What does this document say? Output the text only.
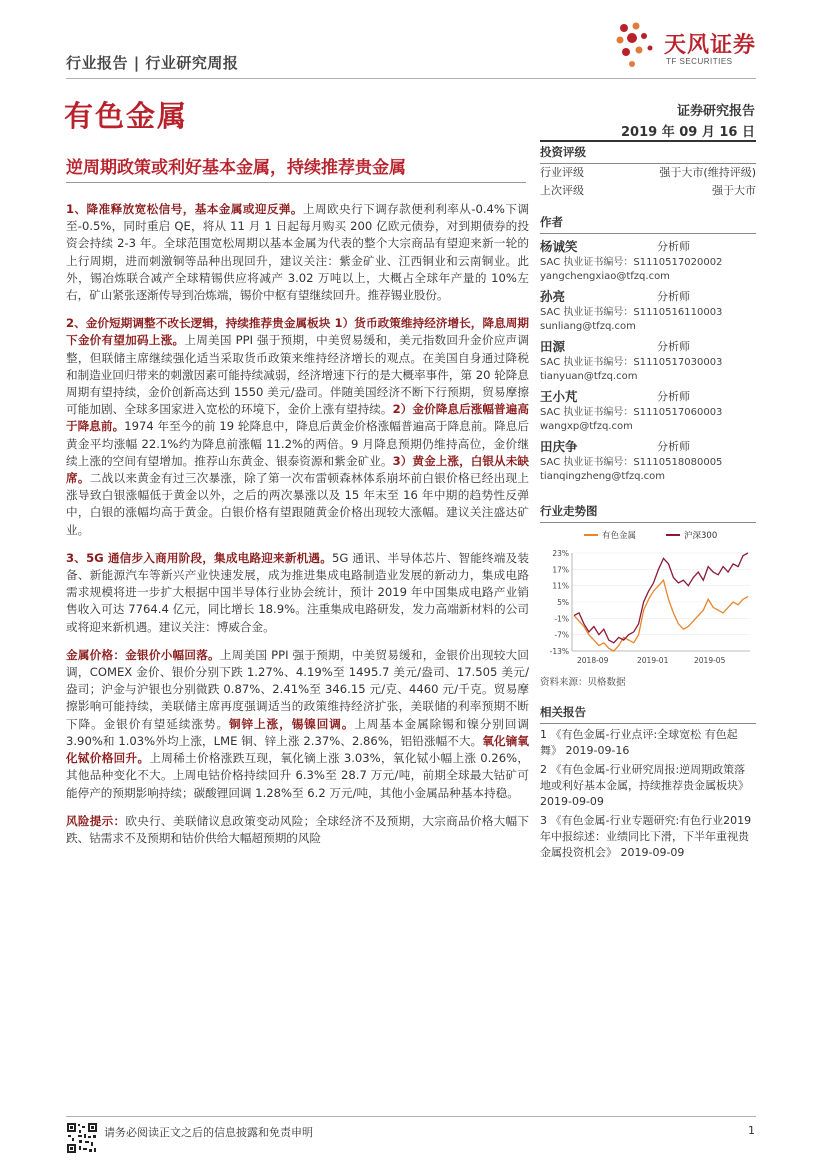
行业报告 | 行业研究周报
天风证券
TF SECURITIES
有色金属	证券研究报告
2019 年 09 月 16 日
逆周期政策或利好基本金属，持续推荐贵金属

1、降准释放宽松信号，基本金属或迎反弹。上周欧央行下调存款便利利率从-0.4%下调至-0.5%，同时重启 QE，将从 11 月 1 日起每月购买 200 亿欧元债券，对到期债券的投资会持续 2-3 年。全球范围宽松周期以基本金属为代表的整个大宗商品有望迎来新一轮的上行周期，进而刺激铜等品种出现回升，建议关注：紫金矿业、江西铜业和云南铜业。此外，锡冶炼联合减产全球精锡供应将减产 3.02 万吨以上，大概占全球年产量的 10%左右，矿山紧张逐渐传导到冶炼端，锡价中枢有望继续回升。推荐锡业股份。

2、金价短期调整不改长逻辑，持续推荐贵金属板块 1）货币政策维持经济增长，降息周期下金价有望加码上涨。上周美国 PPI 强于预期，中美贸易缓和，美元指数回升金价应声调整，但联储主席继续强化适当采取货币政策来维持经济增长的观点。在美国自身通过降税和制造业回归带来的刺激因素可能持续减弱，经济增速下行的是大概率事件，第 20 轮降息周期有望持续，金价创新高达到 1550 美元/盎司。伴随美国经济不断下行预期，贸易摩擦可能加剧、全球多国家进入宽松的环境下，金价上涨有望持续。2）金价降息后涨幅普遍高于降息前。1974 年至今的前 19 轮降息中，降息后黄金价格涨幅普遍高于降息前。降息后黄金平均涨幅 22.1%约为降息前涨幅 11.2%的两倍。9 月降息预期仍维持高位，金价继续上涨的空间有望增加。推荐山东黄金、银泰资源和紫金矿业。3）黄金上涨，白银从未缺席。二战以来黄金有过三次暴涨，除了第一次布雷顿森林体系崩坏前白银价格已经出现上涨导致白银涨幅低于黄金以外，之后的两次暴涨以及 15 年末至 16 年中期的趋势性反弹中，白银的涨幅均高于黄金。白银价格有望跟随黄金价格出现较大涨幅。建议关注盛达矿业。

3、5G 通信步入商用阶段，集成电路迎来新机遇。5G 通讯、半导体芯片、智能终端及装备、新能源汽车等新兴产业快速发展，成为推进集成电路制造业发展的新动力，集成电路需求规模将进一步扩大根据中国半导体行业协会统计，预计 2019 年中国集成电路产业销售收入可达 7764.4 亿元，同比增长 18.9%。注重集成电路研发，发力高端新材料的公司或将迎来新机遇。建议关注：博威合金。

金属价格：金银价小幅回落。上周美国 PPI 强于预期，中美贸易缓和，金银价出现较大回调，COMEX 金价、银价分别下跌 1.27%、4.19%至 1495.7 美元/盎司、17.505 美元/盎司；沪金与沪银也分别微跌 0.87%、2.41%至 346.15 元/克、4460 元/千克。贸易摩擦影响可能持续，美联储主席再度强调适当的政策维持经济扩张，美联储的利率预期不断下降。金银价有望延续涨势。铜锌上涨，锡镍回调。上周基本金属除锡和镍分别回调 3.90%和 1.03%外均上涨，LME 铜、锌上涨 2.37%、2.86%，铝铅涨幅不大。氧化镝氧化铽价格回升。上周稀土价格涨跌互现，氧化镝上涨 3.03%，氧化铽小幅上涨 0.26%，其他品种变化不大。上周电钴价格持续回升 6.3%至 28.7 万元/吨，前期全球最大钴矿可能停产的预期影响持续；碳酸锂回调 1.28%至 6.2 万元/吨，其他小金属品种基本持稳。

风险提示：欧央行、美联储议息政策变动风险；全球经济不及预期，大宗商品价格大幅下跌、钴需求不及预期和钴价供给大幅超预期的风险

投资评级
行业评级	强于大市(维持评级)
上次评级	强于大市
作者
杨诚笑	分析师
SAC 执业证书编号：S1110517020002
yangchengxiao@tfzq.com
孙亮	分析师
SAC 执业证书编号：S1110516110003
sunliang@tfzq.com
田源	分析师
SAC 执业证书编号：S1110517030003
tianyuan@tfzq.com
王小芃	分析师
SAC 执业证书编号：S1110517060003
wangxp@tfzq.com
田庆争	分析师
SAC 执业证书编号：S1110518080005
tianqingzheng@tfzq.com
行业走势图
有色金属	沪深300
23%
17%
11%
5%
-1%
-7%
-13%
2018-09	2019-01	2019-05
资料来源：贝格数据
相关报告
1 《有色金属-行业点评:全球宽松 有色起舞》 2019-09-16
2 《有色金属-行业研究周报:逆周期政策落地或利好基本金属，持续推荐贵金属板块》 2019-09-09
3 《有色金属-行业专题研究:有色行业2019 年中报综述：业绩同比下滑，下半年重视贵金属投资机会》 2019-09-09
请务必阅读正文之后的信息披露和免责申明	1
